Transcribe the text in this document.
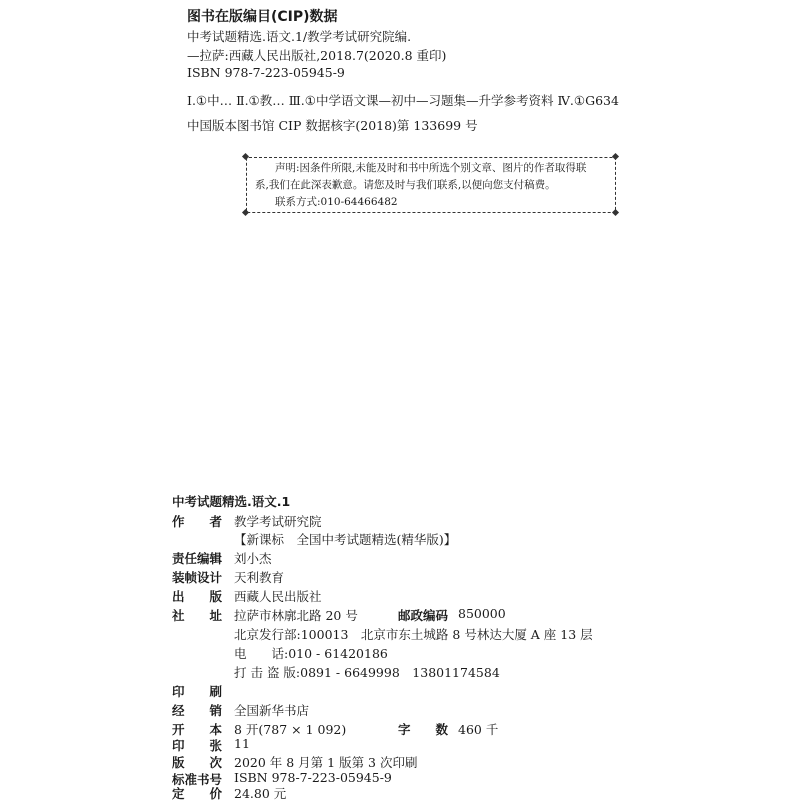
图书在版编目(CIP)数据
中考试题精选.语文.1/教学考试研究院编.
—拉萨:西藏人民出版社,2018.7(2020.8 重印)
ISBN 978-7-223-05945-9
Ⅰ.①中… Ⅱ.①教… Ⅲ.①中学语文课—初中—习题集—升学参考资料 Ⅳ.①G634
中国版本图书馆 CIP 数据核字(2018)第 133699 号
声明:因条件所限,未能及时和书中所选个别文章、图片的作者取得联
系,我们在此深表歉意。请您及时与我们联系,以便向您支付稿费。
联系方式:010-64466482
中考试题精选.语文.1
作　　者 教学考试研究院
【新课标　全国中考试题精选(精华版)】
责任编辑 刘小杰
装帧设计 天利教育
出　　版 西藏人民出版社
社　　址 拉萨市林廓北路 20 号	邮政编码 850000
北京发行部:100013　北京市东土城路 8 号林达大厦 A 座 13 层
电　　话:010 - 61420186
打 击 盗 版:0891 - 6649998　13801174584
印　　刷
经　　销 全国新华书店
开　　本 8 开(787 × 1 092)	字　　数 460 千
印　　张 11
版　　次 2020 年 8 月第 1 版第 3 次印刷
标准书号 ISBN 978-7-223-05945-9
定　　价 24.80 元
